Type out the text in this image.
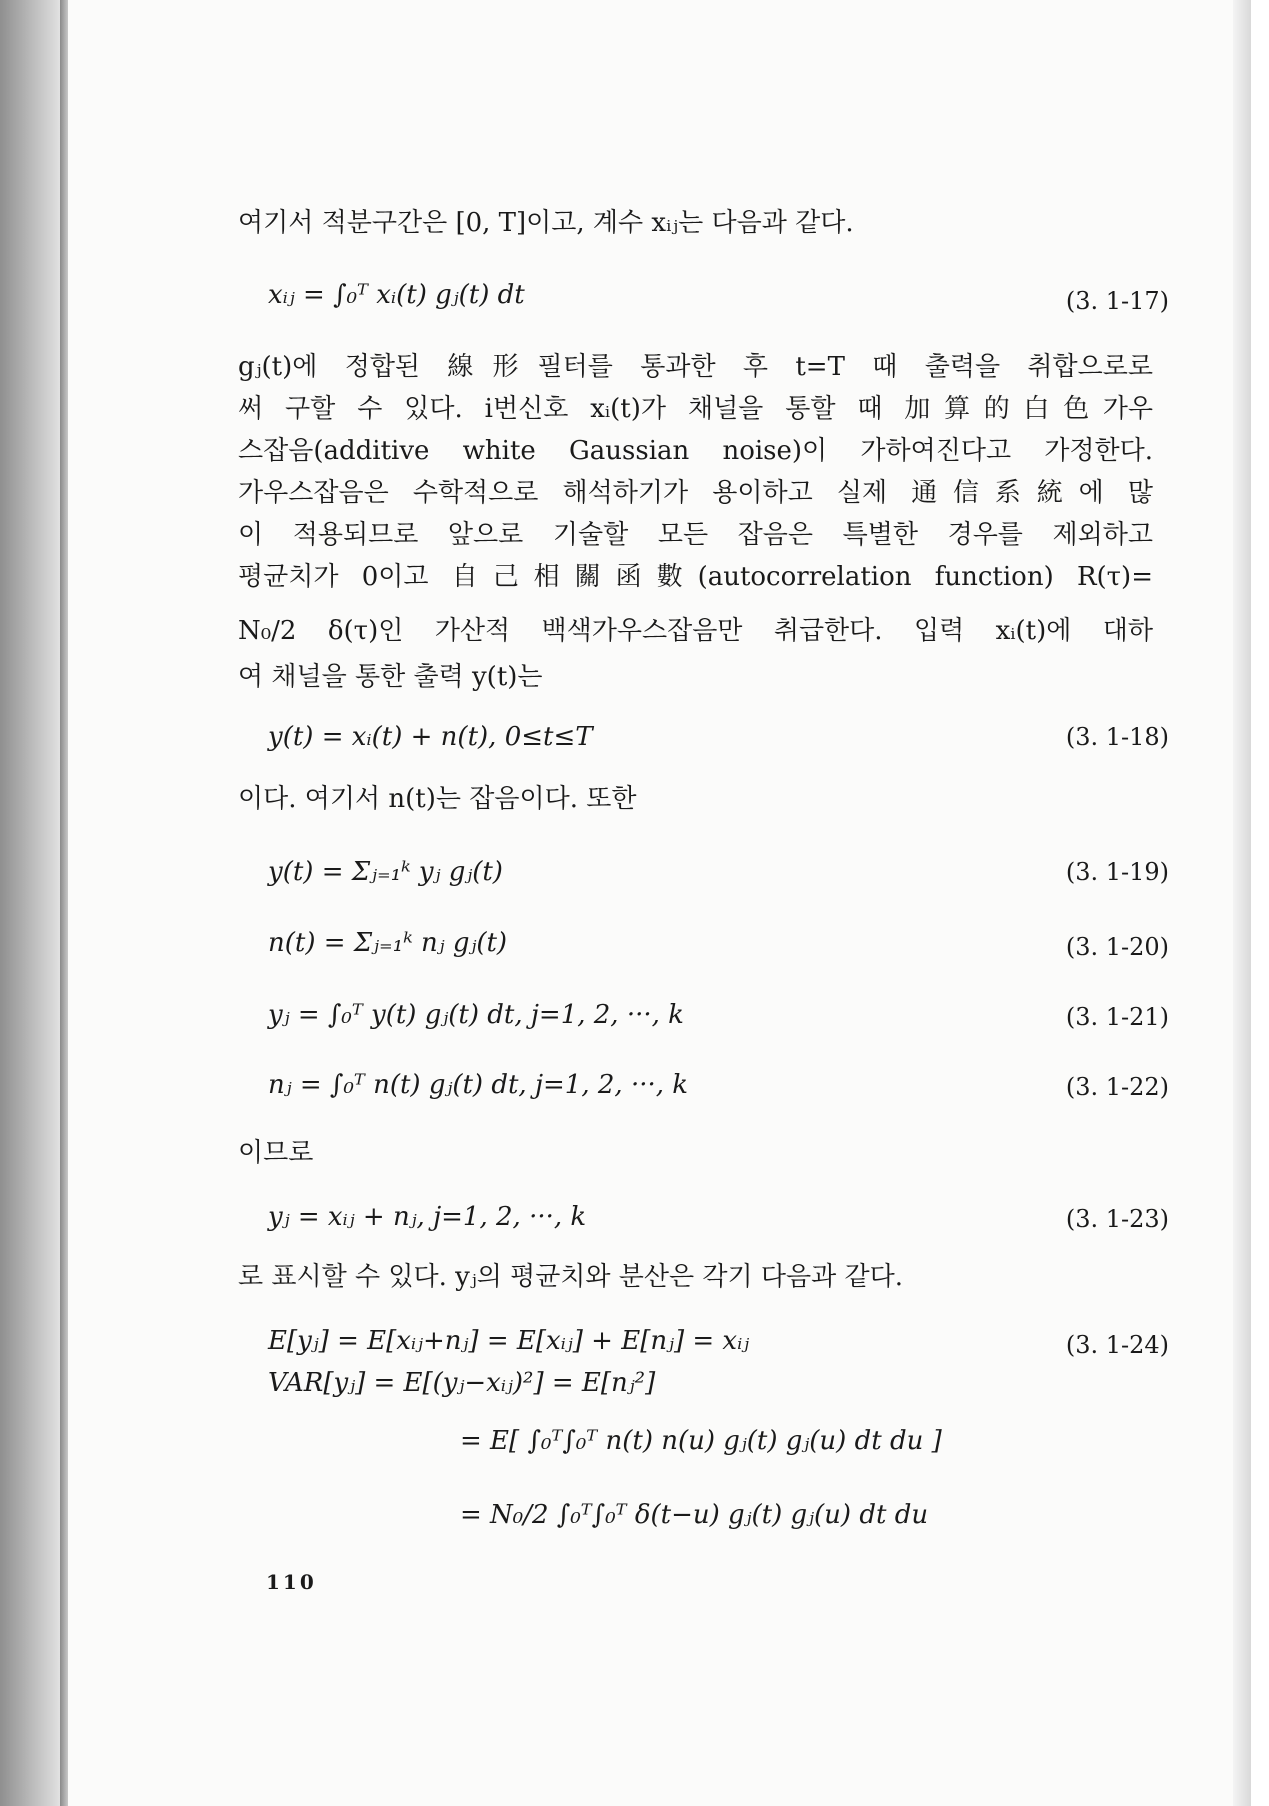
여기서 적분구간은 [0, T]이고, 계수 xᵢⱼ는 다음과 같다.
xᵢⱼ = ∫₀ᵀ xᵢ(t) gⱼ(t) dt	(3. 1-17)
gⱼ(t)에 정합된 線形필터를 통과한 후 t=T 때 출력을 취합으로로
써 구할 수 있다. i번신호 xᵢ(t)가 채널을 통할 때 加算的白色가우
스잡음(additive white Gaussian noise)이 가하여진다고 가정한다.
가우스잡음은 수학적으로 해석하기가 용이하고 실제 通信系統에 많
이 적용되므로 앞으로 기술할 모든 잡음은 특별한 경우를 제외하고
평균치가 0이고 自己相關函數(autocorrelation function) R(τ)=
N₀/2 δ(τ)인 가산적 백색가우스잡음만 취급한다. 입력 xᵢ(t)에 대하
여 채널을 통한 출력 y(t)는
y(t) = xᵢ(t) + n(t), 0≤t≤T	(3. 1-18)
이다. 여기서 n(t)는 잡음이다. 또한
y(t) = Σⱼ₌₁ᵏ yⱼ gⱼ(t)	(3. 1-19)
n(t) = Σⱼ₌₁ᵏ nⱼ gⱼ(t)	(3. 1-20)
yⱼ = ∫₀ᵀ y(t) gⱼ(t) dt, j=1, 2, ···, k	(3. 1-21)
nⱼ = ∫₀ᵀ n(t) gⱼ(t) dt, j=1, 2, ···, k	(3. 1-22)
이므로
yⱼ = xᵢⱼ + nⱼ, j=1, 2, ···, k	(3. 1-23)
로 표시할 수 있다. yⱼ의 평균치와 분산은 각기 다음과 같다.
E[yⱼ] = E[xᵢⱼ+nⱼ] = E[xᵢⱼ] + E[nⱼ] = xᵢⱼ	(3. 1-24)
VAR[yⱼ] = E[(yⱼ−xᵢⱼ)²] = E[nⱼ²]
= E[ ∫₀ᵀ∫₀ᵀ n(t) n(u) gⱼ(t) gⱼ(u) dt du ]
= N₀/2 ∫₀ᵀ∫₀ᵀ δ(t−u) gⱼ(t) gⱼ(u) dt du
110
